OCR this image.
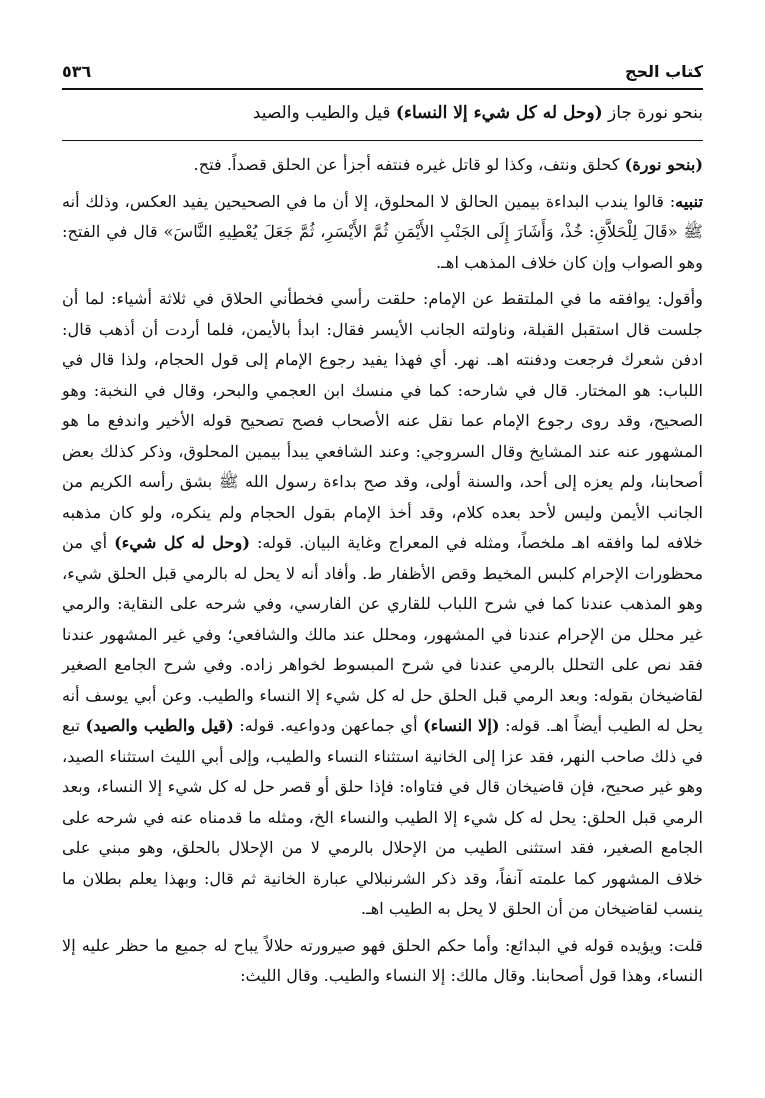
كتاب الحج
٥٣٦
بنحو نورة جاز (وحل له كل شيء إلا النساء) قيل والطيب والصيد

(بنحو نورة) كحلق ونتف، وكذا لو قاتل غيره فنتفه أجزأ عن الحلق قصداً. فتح.

تنبيه: قالوا يندب البداءة بيمين الحالق لا المحلوق، إلا أن ما في الصحيحين يفيد العكس، وذلك أنه ﷺ «قَالَ لِلْحَلاَّقِ: خُذْ، وَأَشَارَ إِلَى الجَنْبِ الأَيْمَنِ ثُمَّ الأَيْسَرِ، ثُمَّ جَعَلَ يُعْطِيهِ النَّاسَ» قال في الفتح: وهو الصواب وإن كان خلاف المذهب اهـ.

وأقول: يوافقه ما في الملتقط عن الإمام: حلقت رأسي فخطأني الحلاق في ثلاثة أشياء: لما أن جلست قال استقبل القبلة، وناولته الجانب الأيسر فقال: ابدأ بالأيمن، فلما أردت أن أذهب قال: ادفن شعرك فرجعت ودفنته اهـ. نهر. أي فهذا يفيد رجوع الإمام إلى قول الحجام، ولذا قال في اللباب: هو المختار. قال في شارحه: كما في منسك ابن العجمي والبحر، وقال في النخبة: وهو الصحيح، وقد روى رجوع الإمام عما نقل عنه الأصحاب فصح تصحيح قوله الأخير واندفع ما هو المشهور عنه عند المشايخ وقال السروجي: وعند الشافعي يبدأ بيمين المحلوق، وذكر كذلك بعض أصحابنا، ولم يعزه إلى أحد، والسنة أولى، وقد صح بداءة رسول الله ﷺ بشق رأسه الكريم من الجانب الأيمن وليس لأحد بعده كلام، وقد أخذ الإمام بقول الحجام ولم ينكره، ولو كان مذهبه خلافه لما وافقه اهـ ملخصاً، ومثله في المعراج وغاية البيان. قوله: (وحل له كل شيء) أي من محظورات الإحرام كلبس المخيط وقص الأظفار ط. وأفاد أنه لا يحل له بالرمي قبل الحلق شيء، وهو المذهب عندنا كما في شرح اللباب للقاري عن الفارسي، وفي شرحه على النقاية: والرمي غير محلل من الإحرام عندنا في المشهور، ومحلل عند مالك والشافعي؛ وفي غير المشهور عندنا فقد نص على التحلل بالرمي عندنا في شرح المبسوط لخواهر زاده. وفي شرح الجامع الصغير لقاضيخان بقوله: وبعد الرمي قبل الحلق حل له كل شيء إلا النساء والطيب. وعن أبي يوسف أنه يحل له الطيب أيضاً اهـ. قوله: (إلا النساء) أي جماعهن ودواعيه. قوله: (قيل والطيب والصيد) تبع في ذلك صاحب النهر، فقد عزا إلى الخانية استثناء النساء والطيب، وإلى أبي الليث استثناء الصيد، وهو غير صحيح، فإن قاضيخان قال في فتاواه: فإذا حلق أو قصر حل له كل شيء إلا النساء، وبعد الرمي قبل الحلق: يحل له كل شيء إلا الطيب والنساء الخ، ومثله ما قدمناه عنه في شرحه على الجامع الصغير، فقد استثنى الطيب من الإحلال بالرمي لا من الإحلال بالحلق، وهو مبني على خلاف المشهور كما علمته آنفاً، وقد ذكر الشرنبلالي عبارة الخانية ثم قال: وبهذا يعلم بطلان ما ينسب لقاضيخان من أن الحلق لا يحل به الطيب اهـ.

قلت: ويؤيده قوله في البدائع: وأما حكم الحلق فهو صيرورته حلالاً يباح له جميع ما حظر عليه إلا النساء، وهذا قول أصحابنا. وقال مالك: إلا النساء والطيب. وقال الليث:
